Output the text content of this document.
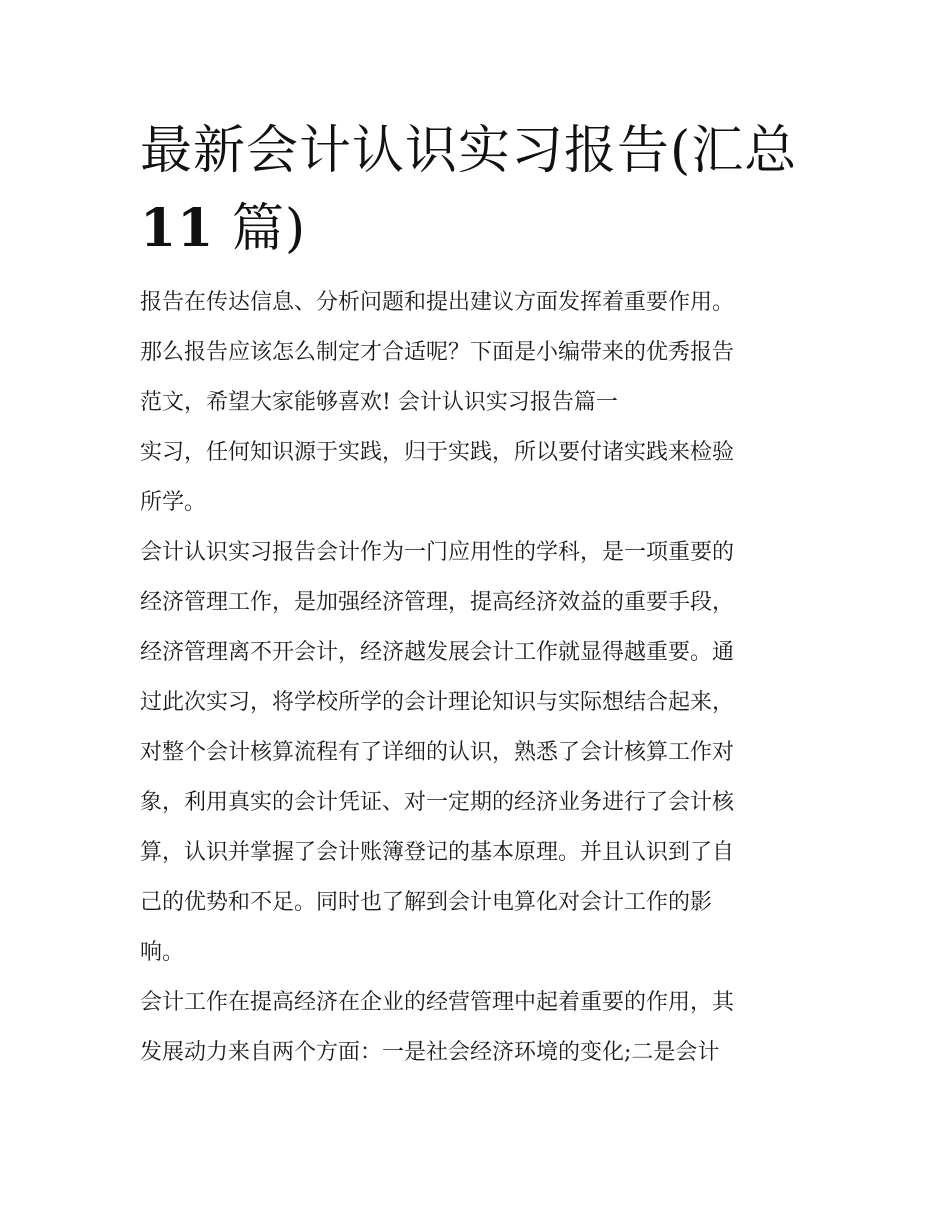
最新会计认识实习报告(汇总
11 篇)
报告在传达信息、分析问题和提出建议方面发挥着重要作用。
那么报告应该怎么制定才合适呢？下面是小编带来的优秀报告
范文，希望大家能够喜欢! 会计认识实习报告篇一
实习，任何知识源于实践，归于实践，所以要付诸实践来检验
所学。
会计认识实习报告会计作为一门应用性的学科，是一项重要的
经济管理工作，是加强经济管理，提高经济效益的重要手段，
经济管理离不开会计，经济越发展会计工作就显得越重要。通
过此次实习，将学校所学的会计理论知识与实际想结合起来，
对整个会计核算流程有了详细的认识，熟悉了会计核算工作对
象，利用真实的会计凭证、对一定期的经济业务进行了会计核
算，认识并掌握了会计账簿登记的基本原理。并且认识到了自
己的优势和不足。同时也了解到会计电算化对会计工作的影
响。
会计工作在提高经济在企业的经营管理中起着重要的作用，其
发展动力来自两个方面：一是社会经济环境的变化;二是会计
